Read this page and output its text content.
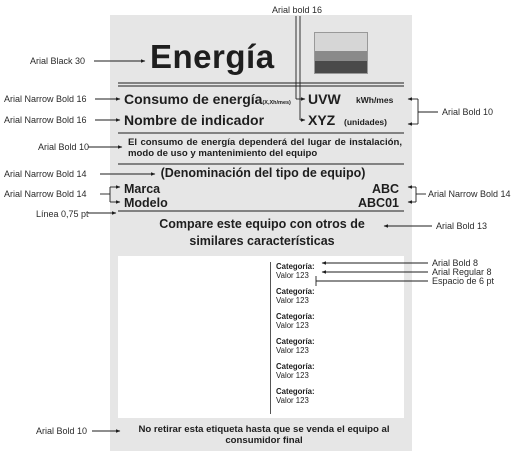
Energía
Consumo de energía(X,Xh/mes) UVW kWh/mes
Nombre de indicador	XYZ (unidades)
El consumo de energía dependerá del lugar de instalación, modo de uso y mantenimiento del equipo
(Denominación del tipo de equipo)
Marca	ABC
Modelo	ABC01
Compare este equipo con otros de similares características
Categoría:
Valor 123
Categoría:
Valor 123
Categoría:
Valor 123
Categoría:
Valor 123
Categoría:
Valor 123
Categoría:
Valor 123
No retirar esta etiqueta hasta que se venda el equipo al consumidor final
Arial bold 16
Arial Black 30
Arial Narrow Bold 16
Arial Narrow Bold 16
Arial Bold 10
Arial Bold 10
Arial Narrow Bold 14
Arial Narrow Bold 14	Arial Narrow Bold 14
Línea 0,75 pt
Arial Bold 13
Arial Bold 8
Arial Regular 8
Espacio de 6 pt
Arial Bold 10
